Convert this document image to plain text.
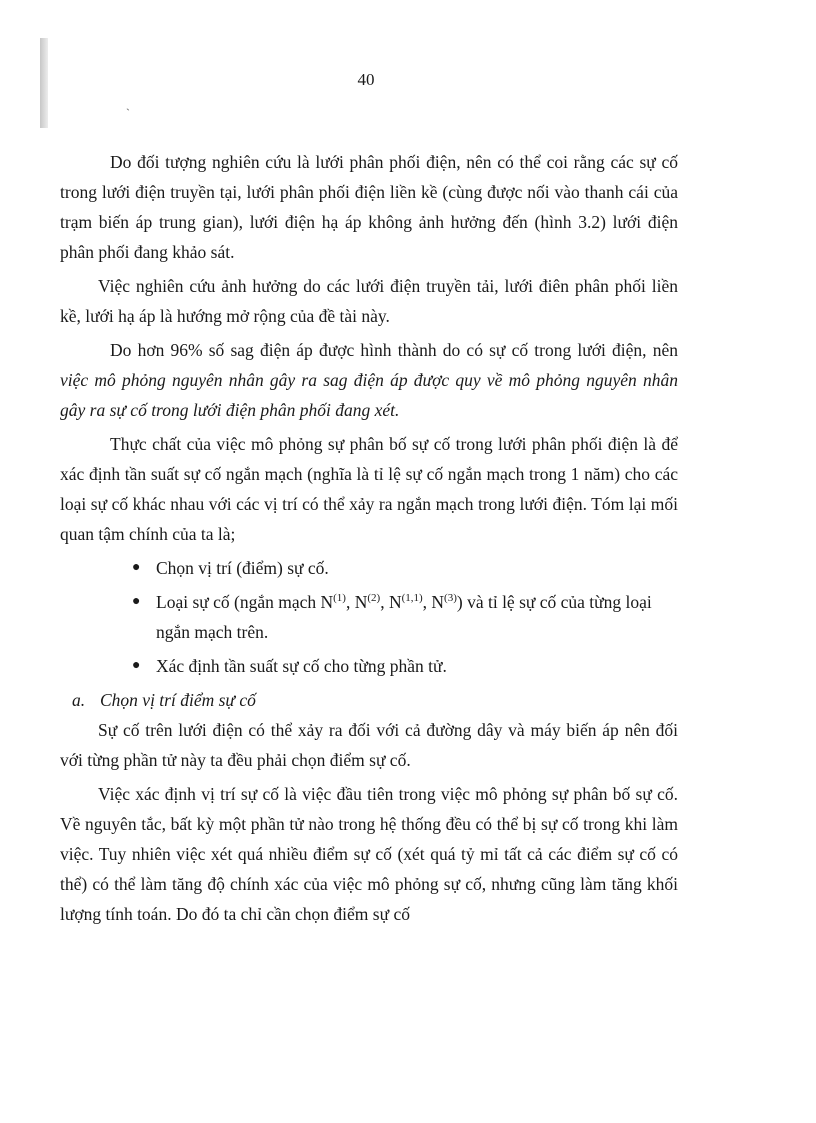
40
ˋ

Do đối tượng nghiên cứu là lưới phân phối điện, nên có thể coi rằng các sự cố trong lưới điện truyền tại, lưới phân phối điện liền kề (cùng được nối vào thanh cái của trạm biến áp trung gian), lưới điện hạ áp không ảnh hưởng đến (hình 3.2) lưới điện phân phối đang khảo sát.

Việc nghiên cứu ảnh hưởng do các lưới điện truyền tải, lưới điên phân phối liền kề, lưới hạ áp là hướng mở rộng của đề tài này.

Do hơn 96% số sag điện áp được hình thành do có sự cố trong lưới điện, nên việc mô phỏng nguyên nhân gây ra sag điện áp được quy về mô phỏng nguyên nhân gây ra sự cố trong lưới điện phân phối đang xét.

Thực chất của việc mô phỏng sự phân bố sự cố trong lưới phân phối điện là để xác định tần suất sự cố ngắn mạch (nghĩa là tỉ lệ sự cố ngắn mạch trong 1 năm) cho các loại sự cố khác nhau với các vị trí có thể xảy ra ngắn mạch trong lưới điện. Tóm lại mối quan tậm chính của ta là;

● Chọn vị trí (điểm) sự cố.
● Loại sự cố (ngắn mạch $N^{(1)}$, $N^{(2)}$, N$^{(1,1)}$, $N^{(3)}$) và tỉ lệ sự cố của từng loại ngắn mạch trên.
● Xác định tần suất sự cố cho từng phần tử.

a. Chọn vị trí điểm sự cố

Sự cố trên lưới điện có thể xảy ra đối với cả đường dây và máy biến áp nên đối với từng phần tử này ta đều phải chọn điểm sự cố.

Việc xác định vị trí sự cố là việc đầu tiên trong việc mô phỏng sự phân bố sự cố. Về nguyên tắc, bất kỳ một phần tử nào trong hệ thống đều có thể bị sự cố trong khi làm việc. Tuy nhiên việc xét quá nhiều điểm sự cố (xét quá tỷ mỉ tất cả các điểm sự cố có thể) có thể làm tăng độ chính xác của việc mô phỏng sự cố, nhưng cũng làm tăng khối lượng tính toán. Do đó ta chỉ cần chọn điểm sự cố
